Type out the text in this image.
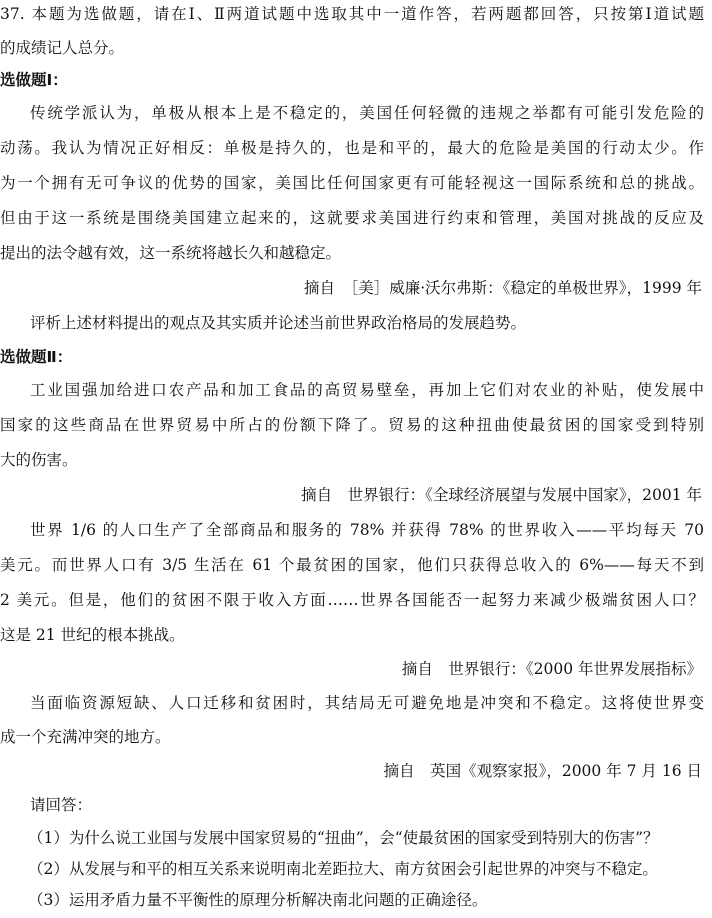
37. 本题为选做题，请在Ⅰ、Ⅱ两道试题中选取其中一道作答，若两题都回答，只按第Ⅰ道试题
的成绩记人总分。
选做题Ⅰ：
传统学派认为，单极从根本上是不稳定的，美国任何轻微的违规之举都有可能引发危险的
动荡。我认为情况正好相反：单极是持久的，也是和平的，最大的危险是美国的行动太少。作
为一个拥有无可争议的优势的国家，美国比任何国家更有可能轻视这一国际系统和总的挑战。
但由于这一系统是围绕美国建立起来的，这就要求美国进行约束和管理，美国对挑战的反应及
提出的法令越有效，这一系统将越长久和越稳定。
摘自　［美］威廉·沃尔弗斯：《稳定的单极世界》，1999 年
评析上述材料提出的观点及其实质并论述当前世界政治格局的发展趋势。
选做题Ⅱ：
工业国强加给进口农产品和加工食品的高贸易壁垒，再加上它们对农业的补贴，使发展中
国家的这些商品在世界贸易中所占的份额下降了。贸易的这种扭曲使最贫困的国家受到特别
大的伤害。
摘自　世界银行：《全球经济展望与发展中国家》，2001 年
世界 1/6 的人口生产了全部商品和服务的 78% 并获得 78% 的世界收入——平均每天 70
美元。而世界人口有 3/5 生活在 61 个最贫困的国家，他们只获得总收入的 6%——每天不到
2 美元。但是，他们的贫困不限于收入方面……世界各国能否一起努力来减少极端贫困人口？
这是 21 世纪的根本挑战。
摘自　世界银行：《2000 年世界发展指标》
当面临资源短缺、人口迁移和贫困时，其结局无可避免地是冲突和不稳定。这将使世界变
成一个充满冲突的地方。
摘自　英国《观察家报》，2000 年 7 月 16 日
请回答：
（1）为什么说工业国与发展中国家贸易的“扭曲”，会“使最贫困的国家受到特别大的伤害”？
（2）从发展与和平的相互关系来说明南北差距拉大、南方贫困会引起世界的冲突与不稳定。
（3）运用矛盾力量不平衡性的原理分析解决南北问题的正确途径。
